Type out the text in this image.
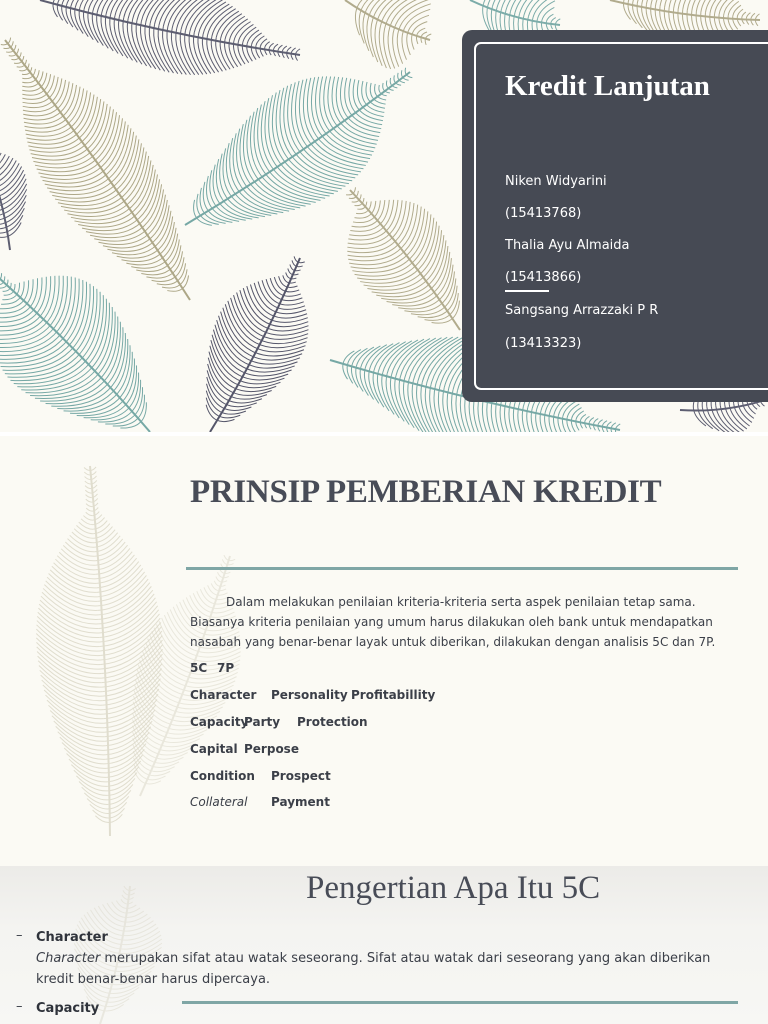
Kredit Lanjutan
Niken Widyarini
(15413768)
Thalia Ayu Almaida
(15413866)
Sangsang Arrazzaki P R
(13413323)
PRINSIP PEMBERIAN KREDIT
Dalam melakukan penilaian kriteria-kriteria serta aspek penilaian tetap sama. Biasanya kriteria penilaian yang umum harus dilakukan oleh bank untuk mendapatkan nasabah yang benar-benar layak untuk diberikan, dilakukan dengan analisis 5C dan 7P.
5C 7P
Character Personality Profitabillity
Capacity
Party Protection
Capital Perpose
Condition Prospect
Collateral Payment
Pengertian Apa Itu 5C
– Character
Character merupakan sifat atau watak seseorang. Sifat atau watak dari seseorang yang akan diberikan kredit benar-benar harus dipercaya.
– Capacity
